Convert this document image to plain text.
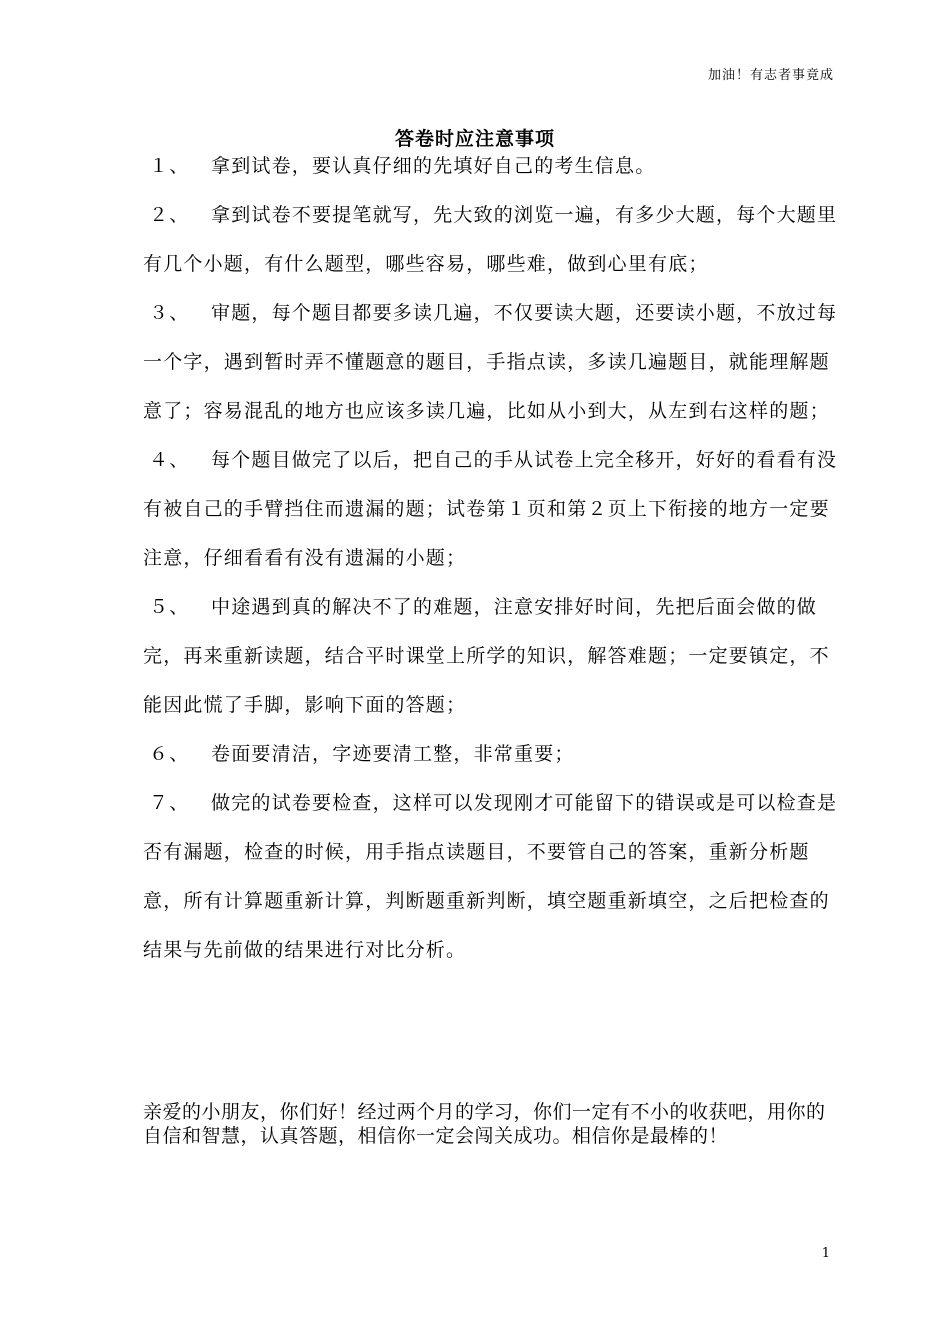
加油！有志者事竟成
答卷时应注意事项
１、 拿到试卷，要认真仔细的先填好自己的考生信息。
２、 拿到试卷不要提笔就写，先大致的浏览一遍，有多少大题，每个大题里有几个小题，有什么题型，哪些容易，哪些难，做到心里有底；
３、 审题，每个题目都要多读几遍，不仅要读大题，还要读小题，不放过每一个字，遇到暂时弄不懂题意的题目，手指点读，多读几遍题目，就能理解题意了；容易混乱的地方也应该多读几遍，比如从小到大，从左到右这样的题；
４、 每个题目做完了以后，把自己的手从试卷上完全移开，好好的看看有没有被自己的手臂挡住而遗漏的题；试卷第１页和第２页上下衔接的地方一定要注意，仔细看看有没有遗漏的小题；
５、 中途遇到真的解决不了的难题，注意安排好时间，先把后面会做的做完，再来重新读题，结合平时课堂上所学的知识，解答难题；一定要镇定，不能因此慌了手脚，影响下面的答题；
６、 卷面要清洁，字迹要清工整，非常重要；
７、 做完的试卷要检查，这样可以发现刚才可能留下的错误或是可以检查是否有漏题，检查的时候，用手指点读题目，不要管自己的答案，重新分析题意，所有计算题重新计算，判断题重新判断，填空题重新填空，之后把检查的结果与先前做的结果进行对比分析。
亲爱的小朋友，你们好！经过两个月的学习，你们一定有不小的收获吧，用你的自信和智慧，认真答题，相信你一定会闯关成功。相信你是最棒的！
1
